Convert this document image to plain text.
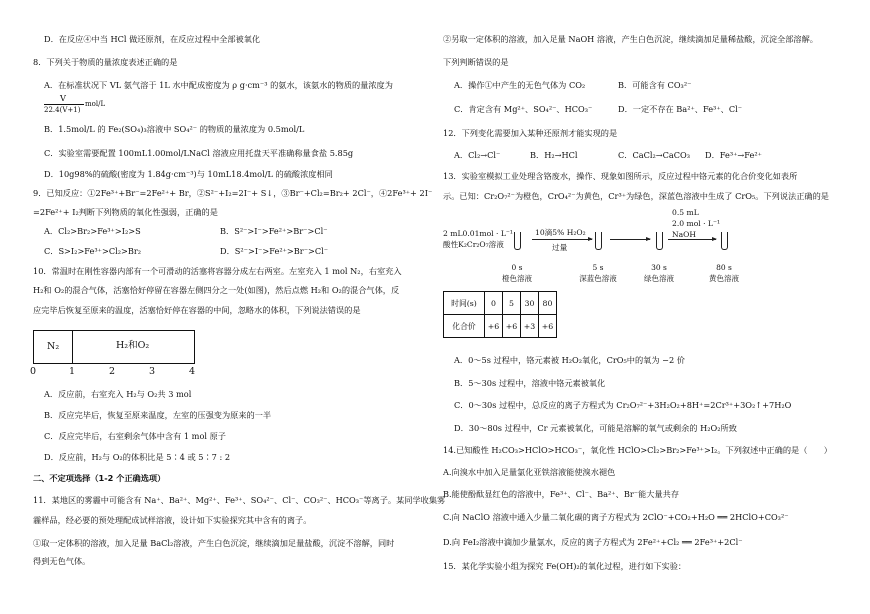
D．在反应④中当 HCl 做还原剂，在反应过程中全部被氧化
8．下列关于物质的量浓度表述正确的是
A．在标准状况下 VL 氨气溶于 1L 水中配成密度为 ρ g·cm⁻³ 的氨水，该氨水的物质的量浓度为
V
22.4(V+1)
mol/L
B．1.5mol/L 的 Fe₂(SO₄)₃溶液中 SO₄²⁻ 的物质的量浓度为 0.5mol/L
C．实验室需要配置 100mL1.00mol/LNaCl 溶液应用托盘天平准确称量食盐 5.85g
D．10g98%的硫酸(密度为 1.84g·cm⁻³)与 10mL18.4mol/L 的硫酸浓度相同
9．已知反应：①2Fe³⁺+Br⁻=2Fe²⁺+ Br，②S²⁻+I₂=2I⁻+ S↓，③Br⁻+Cl₂=Br₂+ 2Cl⁻，④2Fe³⁺+ 2I⁻
=2Fe²⁺+ I₂判断下列物质的氧化性强弱，正确的是
A．Cl₂>Br₂>Fe³⁺>I₂>S	B．S²⁻>I⁻>Fe²⁺>Br⁻>Cl⁻
C．S>I₂>Fe³⁺>Cl₂>Br₂	D．S²⁻>I⁻>Fe²⁺>Br⁻>Cl⁻
10．常温时在刚性容器内部有一个可滑动的活塞将容器分成左右两室。左室充入 1 mol N₂，右室充入
H₂和 O₂的混合气体，活塞恰好停留在容器左侧四分之一处(如图)，然后点燃 H₂和 O₂的混合气体，反
应完毕后恢复至原来的温度，活塞恰好停在容器的中间，忽略水的体积，下列说法错误的是
N₂	H₂和O₂
0	1	2	3	4
A．反应前，右室充入 H₂与 O₂共 3 mol
B．反应完毕后，恢复至原来温度，左室的压强变为原来的一半
C．反应完毕后，右室剩余气体中含有 1 mol 原子
D．反应前，H₂与 O₂的体积比是 5∶4 或 5∶7 : 2
二、不定项选择（1-2 个正确选项）
11．某地区的雾霾中可能含有 Na⁺、Ba²⁺、Mg²⁺、Fe³⁺、SO₄²⁻、Cl⁻、CO₃²⁻、HCO₃⁻等离子。某同学收集雾
霾样品，经必要的预处理配成试样溶液，设计如下实验探究其中含有的离子。
①取一定体积的溶液，加入足量 BaCl₂溶液，产生白色沉淀，继续滴加足量盐酸，沉淀不溶解，同时
得到无色气体。
②另取一定体积的溶液，加入足量 NaOH 溶液，产生白色沉淀，继续滴加足量稀盐酸，沉淀全部溶解。
下列判断错误的是
A．操作①中产生的无色气体为 CO₂	B．可能含有 CO₃²⁻
C．肯定含有 Mg²⁺、SO₄²⁻、HCO₃⁻	D．一定不存在 Ba²⁺、Fe³⁺、Cl⁻
12．下列变化需要加入某种还原剂才能实现的是
A．Cl₂→Cl⁻	B．H₂→HCl	C．CaCl₂→CaCO₃ D．Fe³⁺→Fe²⁺
13．实验室模拟工业处理含铬废水，操作、现象如图所示，反应过程中铬元素的化合价变化如表所
示。已知：Cr₂O₇²⁻为橙色，CrO₄²⁻为黄色，Cr³⁺为绿色，深蓝色溶液中生成了 CrO₅。下列说法正确的是
2 mL0.01mol · L⁻¹
酸性K₂Cr₂O₇溶液
10滴5% H₂O₂
过量
0.5 mL
2.0 mol · L⁻¹
NaOH
0 s
橙色溶液
5 s
深蓝色溶液
30 s
绿色溶液
80 s
黄色溶液
时间(s)	0	5	30	80
化合价	+6	+6	+3	+6
A．0～5s 过程中，铬元素被 H₂O₂氧化，CrO₅中的氧为 −2 价
B．5～30s 过程中，溶液中铬元素被氧化
C．0～30s 过程中，总反应的离子方程式为 Cr₂O₇²⁻+3H₂O₂+8H⁺=2Cr³⁺+3O₂↑+7H₂O
D．30～80s 过程中，Cr 元素被氧化，可能是溶解的氧气或剩余的 H₂O₂所致
14.已知酸性 H₂CO₃>HClO>HCO₃⁻，氧化性 HClO>Cl₂>Br₂>Fe³⁺>I₂。下列叙述中正确的是（　　）
A.向溴水中加入足量氯化亚铁溶液能使溴水褪色
B.能使酚酞显红色的溶液中，Fe³⁺、Cl⁻、Ba²⁺、Br⁻能大量共存
C.向 NaClO 溶液中通入少量二氧化碳的离子方程式为 2ClO⁻+CO₂+H₂O ══ 2HClO+CO₃²⁻
D.向 FeI₂溶液中滴加少量氯水，反应的离子方程式为 2Fe²⁺+Cl₂ ══ 2Fe³⁺+2Cl⁻
15．某化学实验小组为探究 Fe(OH)₂的氧化过程，进行如下实验：
